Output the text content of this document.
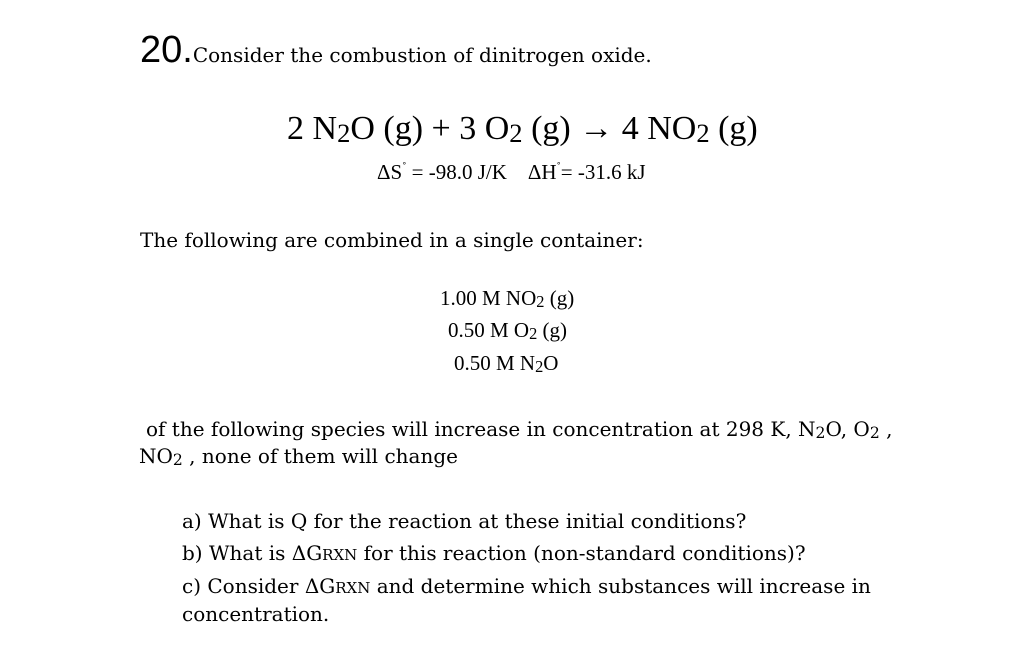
20.Consider the combustion of dinitrogen oxide.
2 $N_2O$ (g) + 3 $O_2$ (g) → 4 $NO_2$ (g)
ΔS˚ = -98.0 J/K ΔH˚= -31.6 kJ
The following are combined in a single container:
1.00 M $NO_2$ (g)
0.50 M $O_2$ (g)
0.50 M $N_2O$
of the following species will increase in concentration at 298 K, $N_2O$, $O_2$ ,
$NO_2$ , none of them will change
a) What is Q for the reaction at these initial conditions?
b) What is ΔGRXN for this reaction (non-standard conditions)?
c) Consider ΔGRXN and determine which substances will increase in
concentration.
